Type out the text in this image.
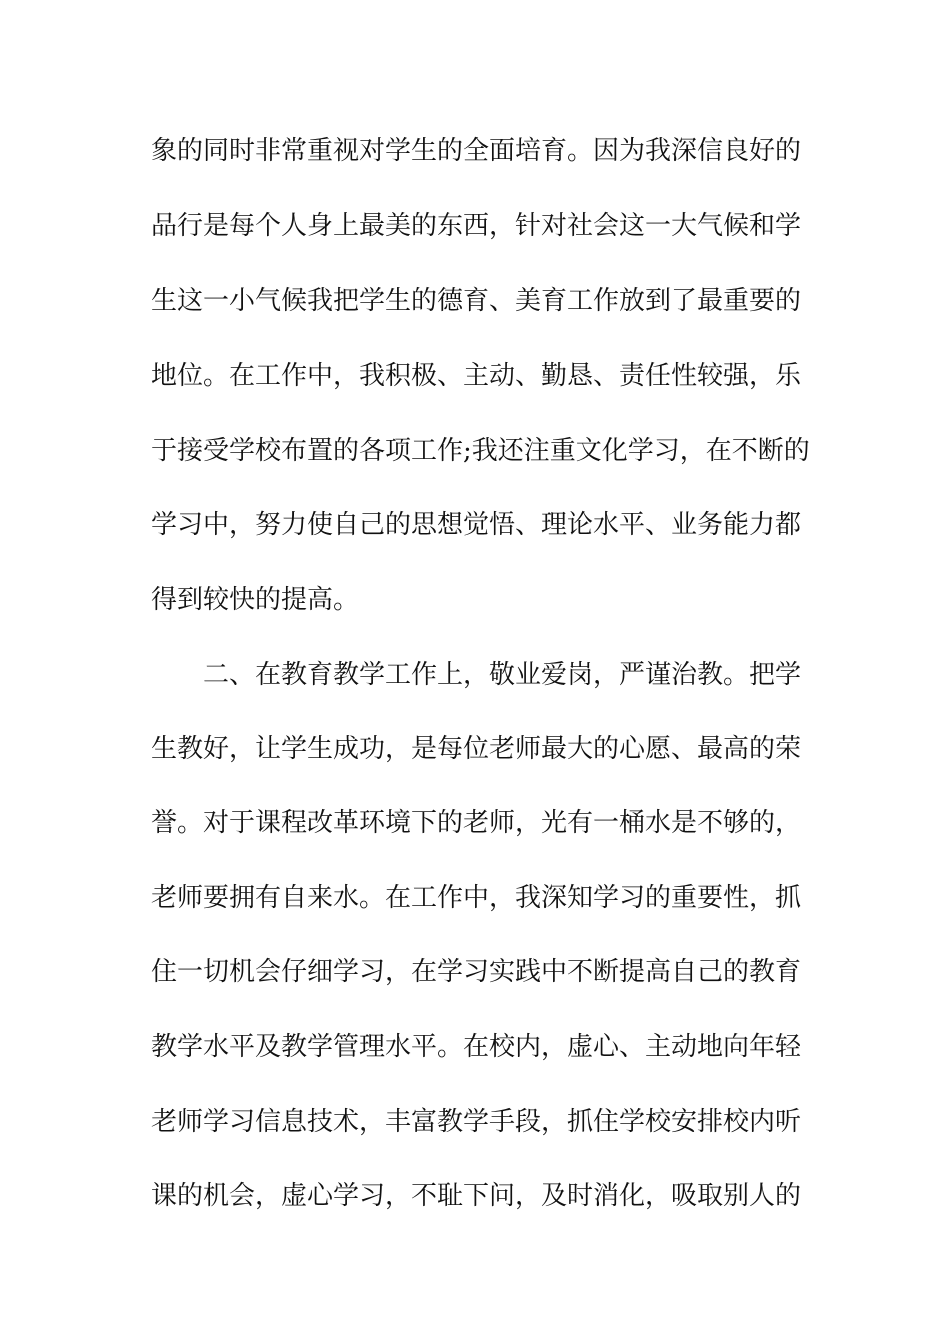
象的同时非常重视对学生的全面培育。因为我深信良好的
品行是每个人身上最美的东西，针对社会这一大气候和学
生这一小气候我把学生的德育、美育工作放到了最重要的
地位。在工作中，我积极、主动、勤恳、责任性较强，乐
于接受学校布置的各项工作;我还注重文化学习，在不断的
学习中，努力使自己的思想觉悟、理论水平、业务能力都
得到较快的提高。
二、在教育教学工作上，敬业爱岗，严谨治教。把学
生教好，让学生成功，是每位老师最大的心愿、最高的荣
誉。对于课程改革环境下的老师，光有一桶水是不够的，
老师要拥有自来水。在工作中，我深知学习的重要性，抓
住一切机会仔细学习，在学习实践中不断提高自己的教育
教学水平及教学管理水平。在校内，虚心、主动地向年轻
老师学习信息技术，丰富教学手段，抓住学校安排校内听
课的机会，虚心学习，不耻下问，及时消化，吸取别人的
